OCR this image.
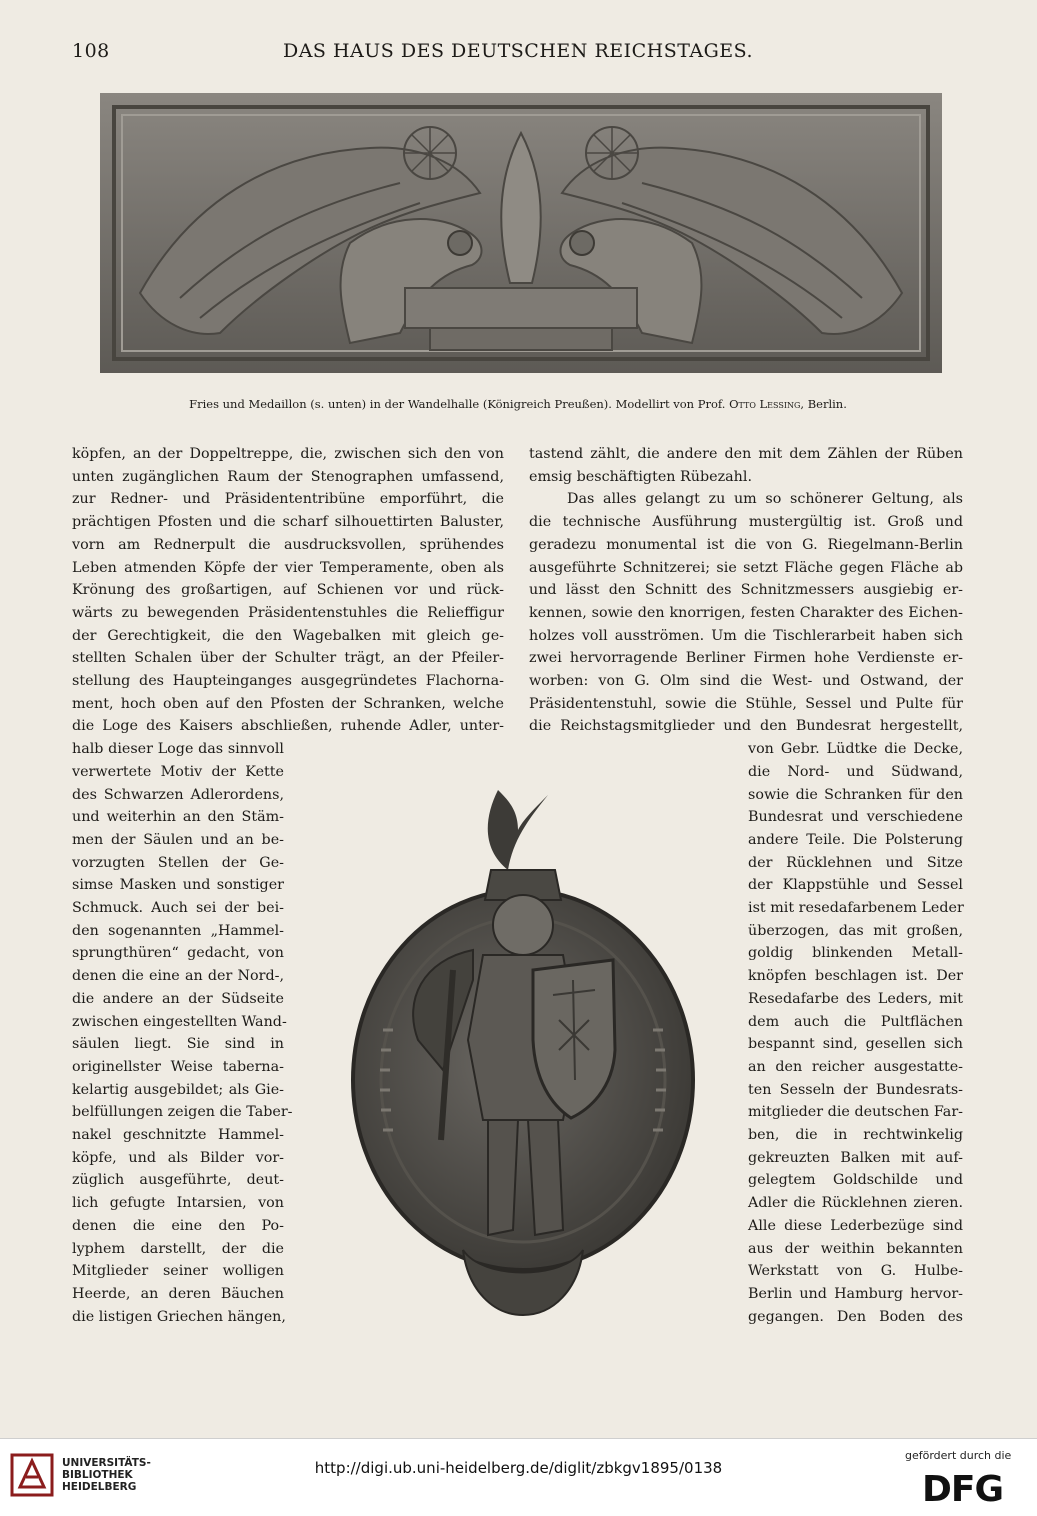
108	DAS HAUS DES DEUTSCHEN REICHSTAGES.
Fries und Medaillon (s. unten) in der Wandelhalle (Königreich Preußen). Modellirt von Prof. Otto Lessing, Berlin.
köpfen, an der Doppeltreppe, die, zwischen sich den von
unten zugänglichen Raum der Stenographen umfassend,
zur Redner- und Präsidententribüne emporführt, die
prächtigen Pfosten und die scharf silhouettirten Baluster,
vorn am Rednerpult die ausdrucksvollen, sprühendes
Leben atmenden Köpfe der vier Temperamente, oben als
Krönung des großartigen, auf Schienen vor und rück-
wärts zu bewegenden Präsidentenstuhles die Relieffigur
der Gerechtigkeit, die den Wagebalken mit gleich ge-
stellten Schalen über der Schulter trägt, an der Pfeiler-
stellung des Haupteinganges ausgegründetes Flachorna-
ment, hoch oben auf den Pfosten der Schranken, welche
die Loge des Kaisers abschließen, ruhende Adler, unter-
tastend zählt, die andere den mit dem Zählen der Rüben
emsig beschäftigten Rübezahl.
Das alles gelangt zu um so schönerer Geltung, als
die technische Ausführung mustergültig ist. Groß und
geradezu monumental ist die von G. Riegelmann-Berlin
ausgeführte Schnitzerei; sie setzt Fläche gegen Fläche ab
und lässt den Schnitt des Schnitzmessers ausgiebig er-
kennen, sowie den knorrigen, festen Charakter des Eichen-
holzes voll ausströmen. Um die Tischlerarbeit haben sich
zwei hervorragende Berliner Firmen hohe Verdienste er-
worben: von G. Olm sind die West- und Ostwand, der
Präsidentenstuhl, sowie die Stühle, Sessel und Pulte für
die Reichstagsmitglieder und den Bundesrat hergestellt,
halb dieser Loge das sinnvoll
verwertete Motiv der Kette
des Schwarzen Adlerordens,
und weiterhin an den Stäm-
men der Säulen und an be-
vorzugten Stellen der Ge-
simse Masken und sonstiger
Schmuck. Auch sei der bei-
den sogenannten „Hammel-
sprungthüren“ gedacht, von
denen die eine an der Nord-,
die andere an der Südseite
zwischen eingestellten Wand-
säulen liegt. Sie sind in
originellster Weise taberna-
kelartig ausgebildet; als Gie-
belfüllungen zeigen die Taber-
nakel geschnitzte Hammel-
köpfe, und als Bilder vor-
züglich ausgeführte, deut-
lich gefugte Intarsien, von
denen die eine den Po-
lyphem darstellt, der die
Mitglieder seiner wolligen
Heerde, an deren Bäuchen
die listigen Griechen hängen,
von Gebr. Lüdtke die Decke,
die Nord- und Südwand,
sowie die Schranken für den
Bundesrat und verschiedene
andere Teile. Die Polsterung
der Rücklehnen und Sitze
der Klappstühle und Sessel
ist mit resedafarbenem Leder
überzogen, das mit großen,
goldig blinkenden Metall-
knöpfen beschlagen ist. Der
Resedafarbe des Leders, mit
dem auch die Pultflächen
bespannt sind, gesellen sich
an den reicher ausgestatte-
ten Sesseln der Bundesrats-
mitglieder die deutschen Far-
ben, die in rechtwinkelig
gekreuzten Balken mit auf-
gelegtem Goldschilde und
Adler die Rücklehnen zieren.
Alle diese Lederbezüge sind
aus der weithin bekannten
Werkstatt von G. Hulbe-
Berlin und Hamburg hervor-
gegangen. Den Boden des
UNIVERSITÄTS-
BIBLIOTHEK
HEIDELBERG
http://digi.ub.uni-heidelberg.de/diglit/zbkgv1895/0138
gefördert durch die
DFG
